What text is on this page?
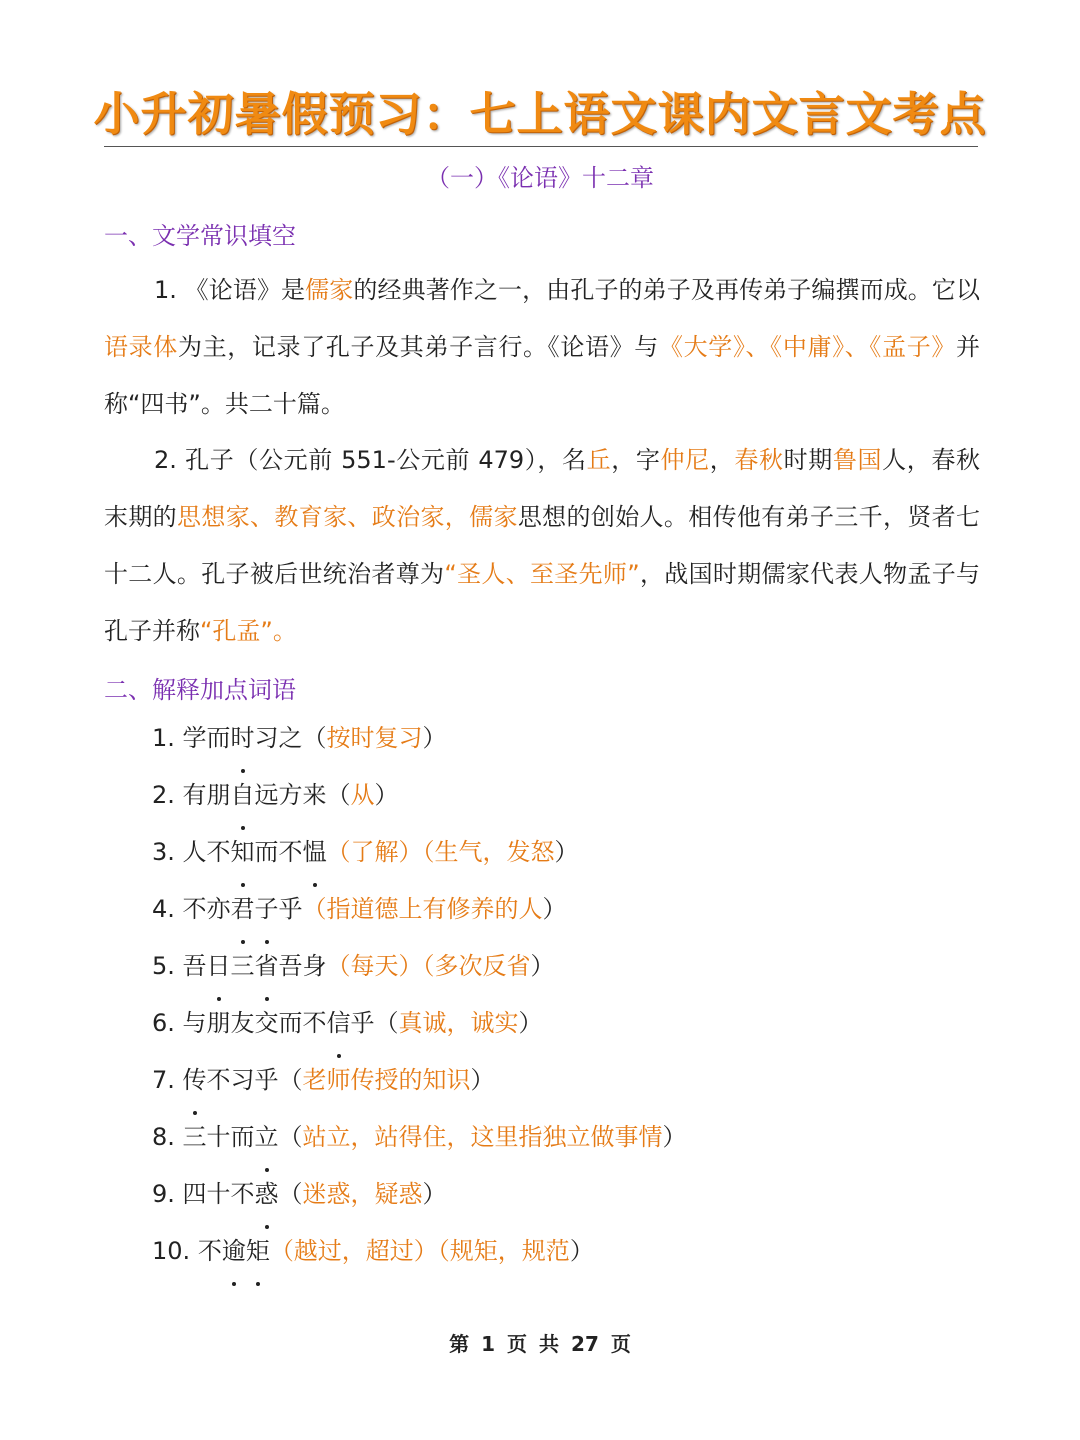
小升初暑假预习：七上语文课内文言文考点
（一）《论语》十二章
一、文学常识填空
1. 《论语》是儒家的经典著作之一，由孔子的弟子及再传弟子编撰而成。它以语录体为主，记录了孔子及其弟子言行。《论语》与《大学》、《中庸》、《孟子》并称“四书”。共二十篇。
2. 孔子（公元前 551-公元前 479），名丘，字仲尼，春秋时期鲁国人，春秋末期的思想家、教育家、政治家，儒家思想的创始人。相传他有弟子三千，贤者七十二人。孔子被后世统治者尊为“圣人、至圣先师”，战国时期儒家代表人物孟子与孔子并称“孔孟”。
二、解释加点词语
1. 学而时习之（按时复习）
2. 有朋自远方来（从）
3. 人不知而不愠（了解）（生气，发怒）
4. 不亦君子乎（指道德上有修养的人）
5. 吾日三省吾身（每天）（多次反省）
6. 与朋友交而不信乎（真诚，诚实）
7. 传不习乎（老师传授的知识）
8. 三十而立（站立，站得住，这里指独立做事情）
9. 四十不惑（迷惑，疑惑）
10. 不逾矩（越过，超过）（规矩，规范）
第 1 页 共 27 页
